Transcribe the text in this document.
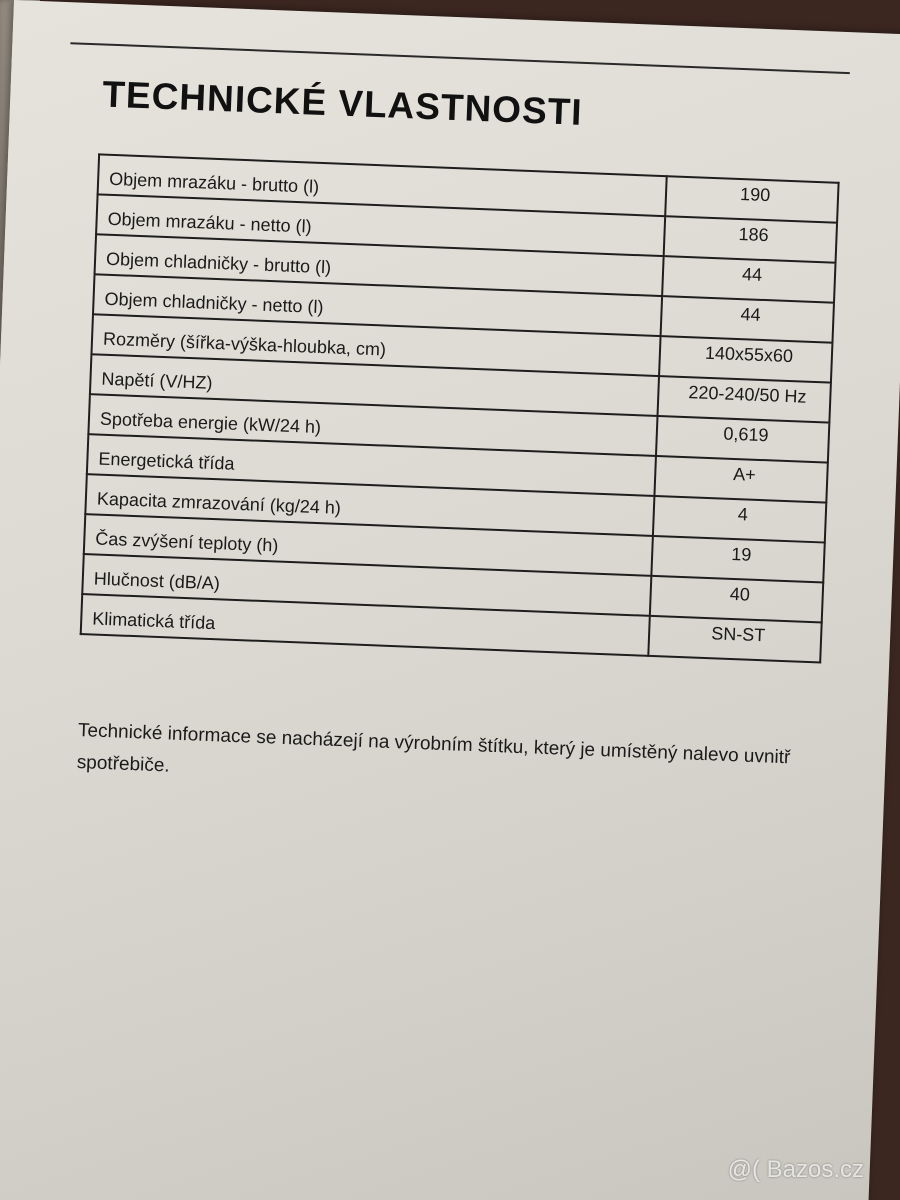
TECHNICKÉ VLASTNOSTI
Objem mrazáku - brutto (l)	190
Objem mrazáku - netto (l)	186
Objem chladničky - brutto (l)	44
Objem chladničky - netto (l)	44
Rozměry (šířka-výška-hloubka, cm)	140x55x60
Napětí (V/HZ)	220-240/50 Hz
Spotřeba energie (kW/24 h)	0,619
Energetická třída	A+
Kapacita zmrazování (kg/24 h)	4
Čas zvýšení teploty (h)	19
Hlučnost (dB/A)	40
Klimatická třída	SN-ST
Technické informace se nacházejí na výrobním štítku, který je umístěný nalevo uvnitř spotřebiče.
@( Bazos.cz
